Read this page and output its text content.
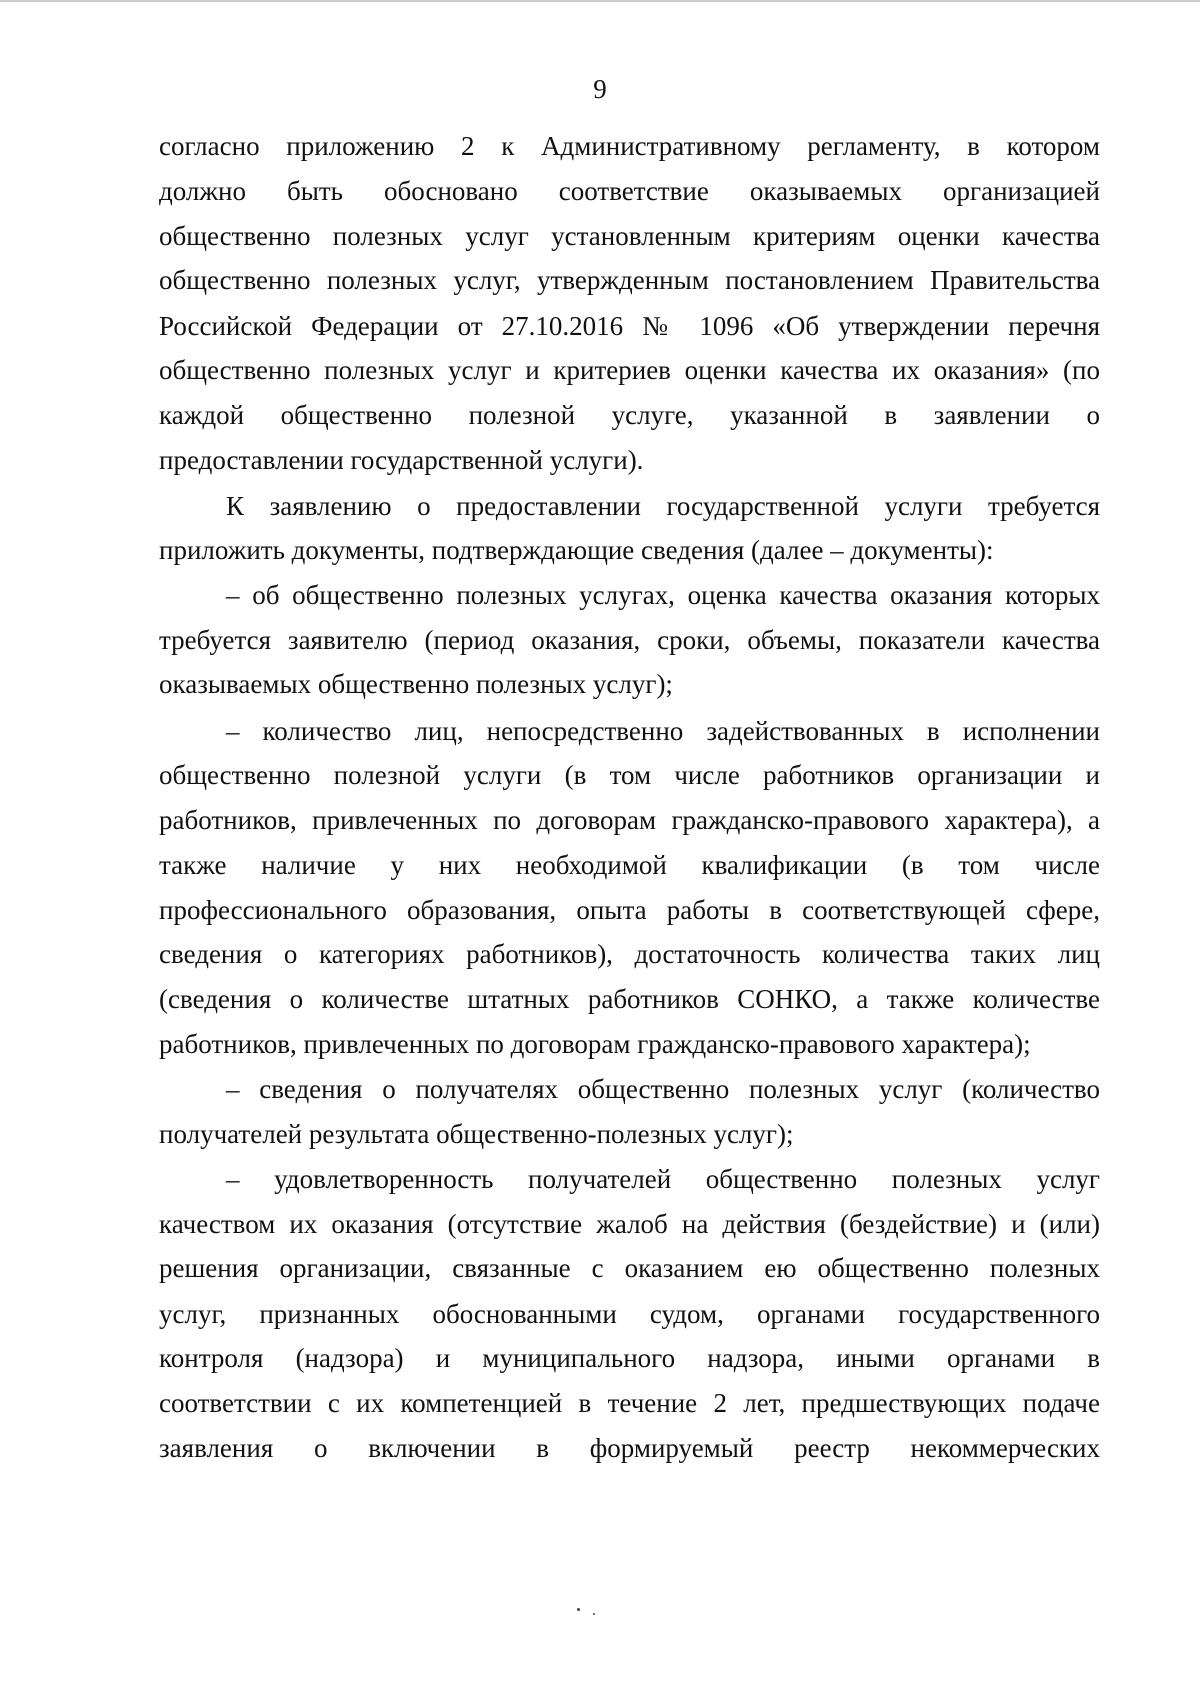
9
согласно приложению 2 к Административному регламенту, в котором
должно быть обосновано соответствие оказываемых организацией
общественно полезных услуг установленным критериям оценки качества
общественно полезных услуг, утвержденным постановлением Правительства
Российской Федерации от 27.10.2016 № 1096 «Об утверждении перечня
общественно полезных услуг и критериев оценки качества их оказания» (по
каждой общественно полезной услуге, указанной в заявлении о
предоставлении государственной услуги).
К заявлению о предоставлении государственной услуги требуется
приложить документы, подтверждающие сведения (далее – документы):
– об общественно полезных услугах, оценка качества оказания которых
требуется заявителю (период оказания, сроки, объемы, показатели качества
оказываемых общественно полезных услуг);
– количество лиц, непосредственно задействованных в исполнении
общественно полезной услуги (в том числе работников организации и
работников, привлеченных по договорам гражданско-правового характера), а
также наличие у них необходимой квалификации (в том числе
профессионального образования, опыта работы в соответствующей сфере,
сведения о категориях работников), достаточность количества таких лиц
(сведения о количестве штатных работников СОНКО, а также количестве
работников, привлеченных по договорам гражданско-правового характера);
– сведения о получателях общественно полезных услуг (количество
получателей результата общественно-полезных услуг);
– удовлетворенность получателей общественно полезных услуг
качеством их оказания (отсутствие жалоб на действия (бездействие) и (или)
решения организации, связанные с оказанием ею общественно полезных
услуг, признанных обоснованными судом, органами государственного
контроля (надзора) и муниципального надзора, иными органами в
соответствии с их компетенцией в течение 2 лет, предшествующих подаче
заявления о включении в формируемый реестр некоммерческих
